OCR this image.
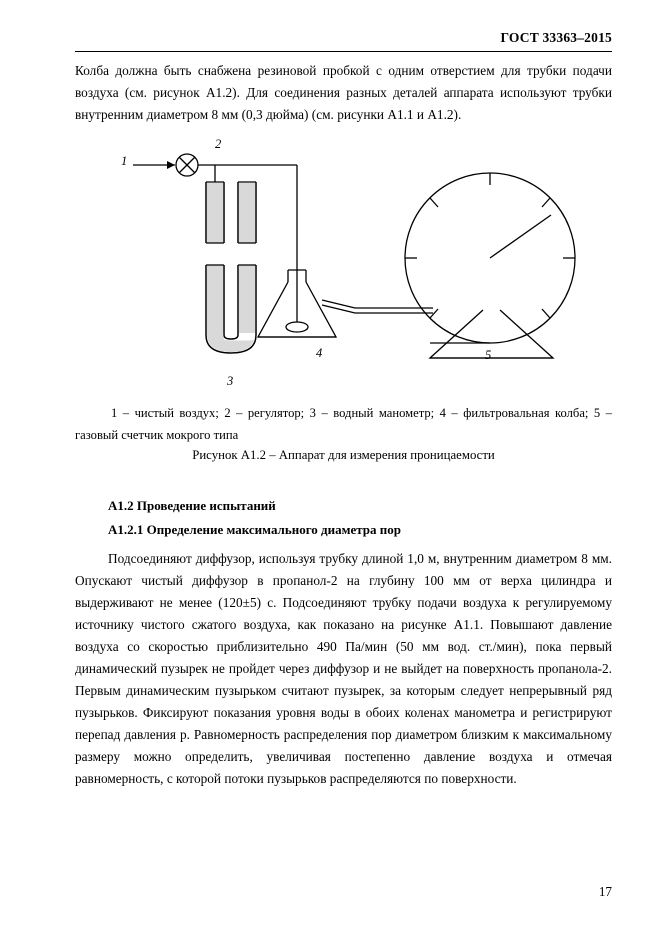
ГОСТ 33363–2015
Колба должна быть снабжена резиновой пробкой с одним отверстием для трубки подачи воздуха (см. рисунок А1.2). Для соединения разных деталей аппарата используют трубки внутренним диаметром 8 мм (0,3 дюйма) (см. рисунки А1.1 и А1.2).
1
2
3
4	5
1 – чистый воздух; 2 – регулятор; 3 – водный манометр; 4 – фильтровальная колба; 5 – газовый счетчик мокрого типа
Рисунок А1.2 – Аппарат для измерения проницаемости
А1.2 Проведение испытаний
А1.2.1 Определение максимального диаметра пор
Подсоединяют диффузор, используя трубку длиной 1,0 м, внутренним диаметром 8 мм. Опускают чистый диффузор в пропанол-2 на глубину 100 мм от верха цилиндра и выдерживают не менее (120±5) с. Подсоединяют трубку подачи воздуха к регулируемому источнику чистого сжатого воздуха, как показано на рисунке А1.1. Повышают давление воздуха со скоростью приблизительно 490 Па/мин (50 мм вод. ст./мин), пока первый динамический пузырек не пройдет через диффузор и не выйдет на поверхность пропанола-2. Первым динамическим пузырьком считают пузырек, за которым следует непрерывный ряд пузырьков. Фиксируют показания уровня воды в обоих коленах манометра и регистрируют перепад давления p. Равномерность распределения пор диаметром близким к максимальному размеру можно определить, увеличивая постепенно давление воздуха и отмечая равномерность, с которой потоки пузырьков распределяются по поверхности.
17
